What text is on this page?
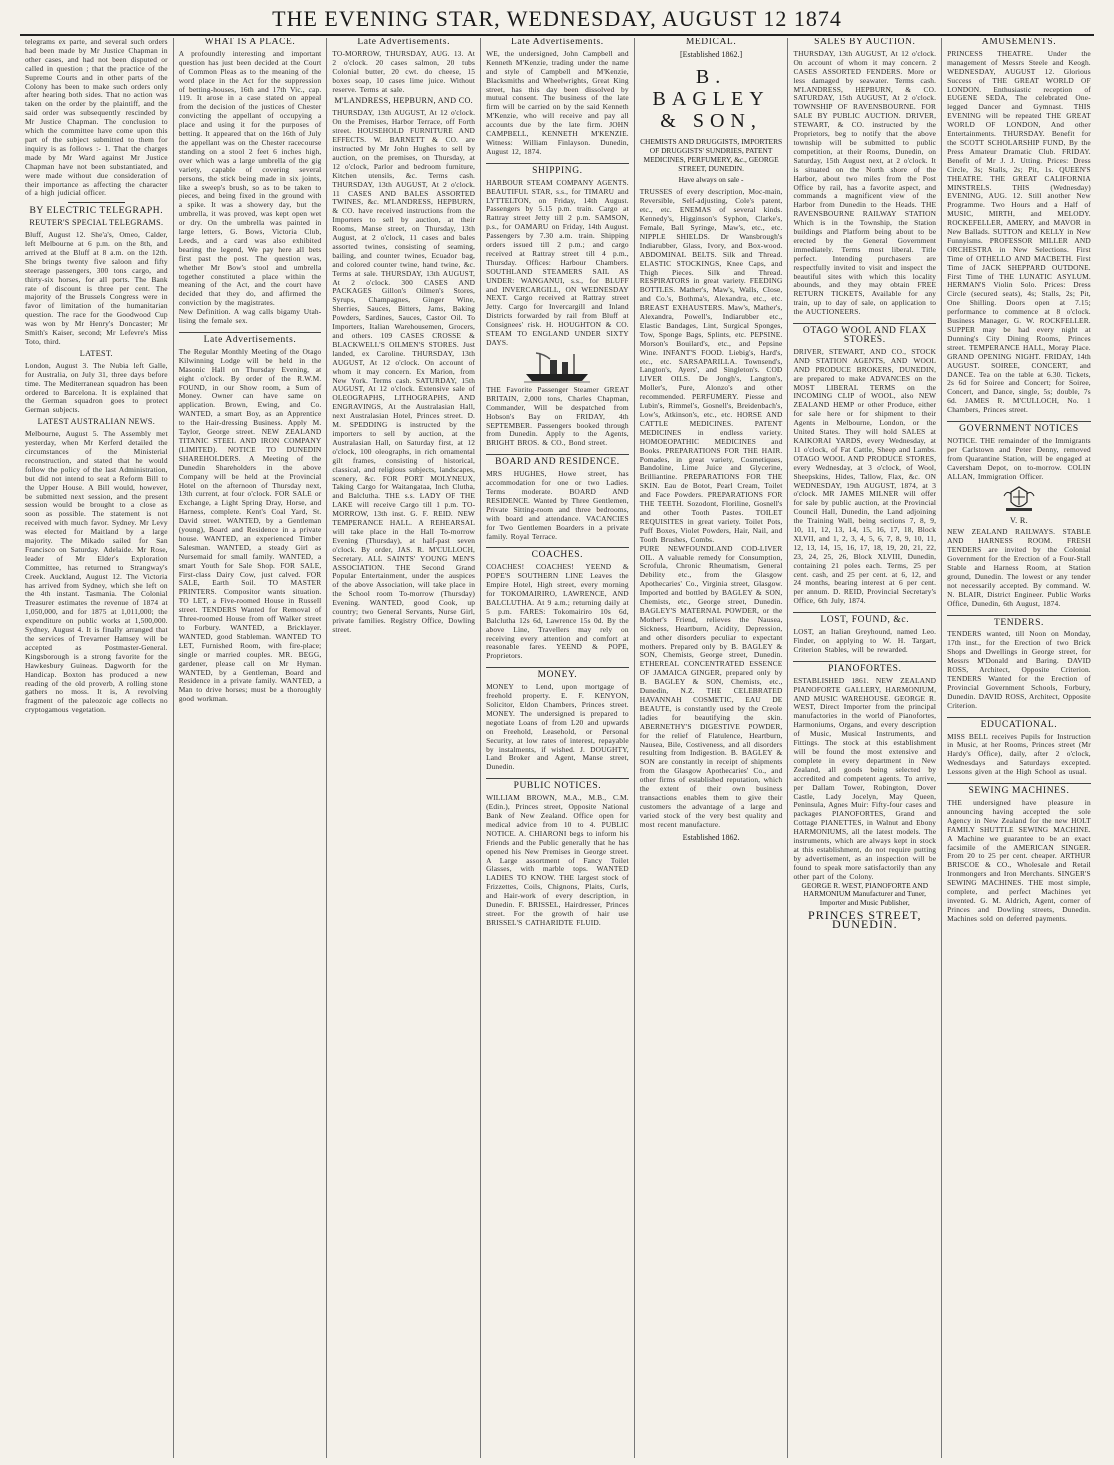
THE EVENING STAR, WEDNESDAY, AUGUST 12 1874

telegrams ex parte, and several such orders had been made by Mr Justice Chapman in other cases, and had not been disputed or called in question ; that the practice of the Supreme Courts and in other parts of the Colony has been to make such orders only after hearing both sides. That no action was taken on the order by the plaintiff, and the said order was subsequently rescinded by Mr Justice Chapman. The conclusion to which the committee have come upon this part of the subject submitted to them for inquiry is as follows :- 1. That the charges made by Mr Ward against Mr Justice Chapman have not been substantiated, and were made without due consideration of their importance as affecting the character of a high judicial officer.

BY ELECTRIC TELEGRAPH.
REUTER'S SPECIAL TELEGRAMS.

Bluff, August 12. She'a's, Omeo, Calder, left Melbourne at 6 p.m. on the 8th, and arrived at the Bluff at 8 a.m. on the 12th. She brings twenty five saloon and fifty steerage passengers, 300 tons cargo, and thirty-six horses, for all ports. The Bank rate of discount is three per cent. The majority of the Brussels Congress were in favor of limitation of the humanitarian question. The race for the Goodwood Cup was won by Mr Henry's Doncaster; Mr Smith's Kaiser, second; Mr Lefevre's Miss Toto, third.

LATEST.

London, August 3. The Nubia left Galle, for Australia, on July 31, three days before time. The Mediterranean squadron has been ordered to Barcelona. It is explained that the German squadron goes to protect German subjects.

LATEST AUSTRALIAN NEWS.

Melbourne, August 5. The Assembly met yesterday, when Mr Kerferd detailed the circumstances of the Ministerial reconstruction, and stated that he would follow the policy of the last Administration, but did not intend to seat a Reform Bill to the Upper House. A Bill would, however, be submitted next session, and the present session would be brought to a close as soon as possible. The statement is not received with much favor. Sydney. Mr Levy was elected for Maitland by a large majority. The Mikado sailed for San Francisco on Saturday. Adelaide. Mr Rose, leader of Mr Elder's Exploration Committee, has returned to Strangway's Creek. Auckland, August 12. The Victoria has arrived from Sydney, which she left on the 4th instant. Tasmania. The Colonial Treasurer estimates the revenue of 1874 at 1,050,000, and for 1875 at 1,011,000; the expenditure on public works at 1,500,000. Sydney, August 4. It is finally arranged that the services of Trevarner Hamsey will be accepted as Postmaster-General. Kingsborough is a strong favorite for the Hawkesbury Guineas. Dagworth for the Handicap. Boxton has produced a new reading of the old proverb, A rolling stone gathers no moss. It is, A revolving fragment of the paleozoic age collects no cryptogamous vegetation.

WHAT IS A PLACE.

A profoundly interesting and important question has just been decided at the Court of Common Pleas as to the meaning of the word place in the Act for the suppression of betting-houses, 16th and 17th Vic., cap. 119. It arose in a case stated on appeal from the decision of the justices of Chester convicting the appellant of occupying a place and using it for the purposes of betting. It appeared that on the 16th of July the appellant was on the Chester racecourse standing on a stool 2 feet 6 inches high, over which was a large umbrella of the gig variety, capable of covering several persons, the stick being made in six joints, like a sweep's brush, so as to be taken to pieces, and being fixed in the ground with a spike. It was a showery day, but the umbrella, it was proved, was kept open wet or dry. On the umbrella was painted in large letters, G. Bows, Victoria Club, Leeds, and a card was also exhibited bearing the legend, We pay here all bets first past the post. The question was, whether Mr Bow's stool and umbrella together constituted a place within the meaning of the Act, and the court have decided that they do, and affirmed the conviction by the magistrates.

New Definition. A wag calls bigamy Utah-lising the female sex.

Late Advertisements.

The Regular Monthly Meeting of the Otago Kilwinning Lodge will be held in the Masonic Hall on Thursday Evening, at eight o'clock. By order of the R.W.M. FOUND, in our Show room, a Sum of Money. Owner can have same on application. Brown, Ewing, and Co. WANTED, a smart Boy, as an Apprentice to the Hair-dressing Business. Apply M. Taylor, George street. NEW ZEALAND TITANIC STEEL AND IRON COMPANY (LIMITED). NOTICE TO DUNEDIN SHAREHOLDERS. A Meeting of the Dunedin Shareholders in the above Company will be held at the Provincial Hotel on the afternoon of Thursday next, 13th current, at four o'clock. FOR SALE or Exchange, a Light Spring Dray, Horse, and Harness, complete. Kent's Coal Yard, St. David street. WANTED, by a Gentleman (young), Board and Residence in a private house. WANTED, an experienced Timber Salesman. WANTED, a steady Girl as Nursemaid for small family. WANTED, a smart Youth for Sale Shop. FOR SALE, First-class Dairy Cow, just calved. FOR SALE, Earth Soil. TO MASTER PRINTERS. Compositor wants situation. TO LET, a Five-roomed House in Russell street. TENDERS Wanted for Removal of Three-roomed House from off Walker street to Forbury. WANTED, a Bricklayer. WANTED, good Stableman. WANTED TO LET, Furnished Room, with fire-place; single or married couples. MR. BEGG, gardener, please call on Mr Hyman. WANTED, by a Gentleman, Board and Residence in a private family. WANTED, a Man to drive horses; must be a thoroughly good workman.

Late Advertisements.

TO-MORROW, THURSDAY, AUG. 13. At 2 o'clock. 20 cases salmon, 20 tubs Colonial butter, 20 cwt. do cheese, 15 boxes soap, 10 cases lime juice. Without reserve. Terms at sale.

M'LANDRESS, HEPBURN, AND CO.

THURSDAY, 13th AUGUST, At 12 o'clock. On the Premises, Harbor Terrace, off Forth street. HOUSEHOLD FURNITURE AND EFFECTS. W. BARNETT & CO. are instructed by Mr John Hughes to sell by auction, on the premises, on Thursday, at 12 o'clock, Parlor and bedroom furniture, Kitchen utensils, &c. Terms cash. THURSDAY, 13th AUGUST, At 2 o'clock. 11 CASES AND BALES ASSORTED TWINES, &c. M'LANDRESS, HEPBURN, & CO. have received instructions from the Importers to sell by auction, at their Rooms, Manse street, on Thursday, 13th August, at 2 o'clock, 11 cases and bales assorted twines, consisting of seaming, bailing, and counter twines, Ecuador bag, and colored counter twine, hand twine, &c. Terms at sale. THURSDAY, 13th AUGUST, At 2 o'clock. 300 CASES AND PACKAGES Gillon's Oilmen's Stores, Syrups, Champagnes, Ginger Wine, Sherries, Sauces, Bitters, Jams, Baking Powders, Sardines, Sauces, Castor Oil. To Importers, Italian Warehousemen, Grocers, and others. 109 CASES CROSSE & BLACKWELL'S OILMEN'S STORES. Just landed, ex Caroline. THURSDAY, 13th AUGUST, At 12 o'clock. On account of whom it may concern. Ex Marion, from New York. Terms cash. SATURDAY, 15th AUGUST, At 12 o'clock. Extensive sale of OLEOGRAPHS, LITHOGRAPHS, AND ENGRAVINGS, At the Australasian Hall, next Australasian Hotel, Princes street. D. M. SPEDDING is instructed by the importers to sell by auction, at the Australasian Hall, on Saturday first, at 12 o'clock, 100 oleographs, in rich ornamental gilt frames, consisting of historical, classical, and religious subjects, landscapes, scenery, &c. FOR PORT MOLYNEUX, Taking Cargo for Waitangataa, Inch Clutha, and Balclutha. THE s.s. LADY OF THE LAKE will receive Cargo till 1 p.m. TO-MORROW, 13th inst. G. F. REID. NEW TEMPERANCE HALL. A REHEARSAL will take place in the Hall To-morrow Evening (Thursday), at half-past seven o'clock. By order, JAS. R. M'CULLOCH, Secretary. ALL SAINTS' YOUNG MEN'S ASSOCIATION. THE Second Grand Popular Entertainment, under the auspices of the above Association, will take place in the School room To-morrow (Thursday) Evening. WANTED, good Cook, up country; two General Servants, Nurse Girl, private families. Registry Office, Dowling street.

Late Advertisements.

WE, the undersigned, John Campbell and Kenneth M'Kenzie, trading under the name and style of Campbell and M'Kenzie, Blacksmiths and Wheelwrights, Great King street, has this day been dissolved by mutual consent. The business of the late firm will be carried on by the said Kenneth M'Kenzie, who will receive and pay all accounts due by the late firm. JOHN CAMPBELL, KENNETH M'KENZIE. Witness: William Finlayson. Dunedin, August 12, 1874.

SHIPPING.

HARBOUR STEAM COMPANY AGENTS. BEAUTIFUL STAR, s.s., for TIMARU and LYTTELTON, on Friday, 14th August. Passengers by 5.15 p.m. train. Cargo at Rattray street Jetty till 2 p.m. SAMSON, p.s., for OAMARU on Friday, 14th August. Passengers by 7.30 a.m. train. Shipping orders issued till 2 p.m.; and cargo received at Rattray street till 4 p.m., Thursday. Offices: Harbour Chambers. SOUTHLAND STEAMERS SAIL AS UNDER: WANGANUI, s.s., for BLUFF and INVERCARGILL, ON WEDNESDAY NEXT. Cargo received at Rattray street Jetty. Cargo for Invercargill and Inland Districts forwarded by rail from Bluff at Consignees' risk. H. HOUGHTON & CO. STEAM TO ENGLAND UNDER SIXTY DAYS.

THE Favorite Passenger Steamer GREAT BRITAIN, 2,000 tons, Charles Chapman, Commander, Will be despatched from Hobson's Bay on FRIDAY, 4th SEPTEMBER. Passengers booked through from Dunedin. Apply to the Agents, BRIGHT BROS. & CO., Bond street.

BOARD AND RESIDENCE.

MRS HUGHES, Howe street, has accommodation for one or two Ladies. Terms moderate. BOARD AND RESIDENCE. Wanted by Three Gentlemen, Private Sitting-room and three bedrooms, with board and attendance. VACANCIES for Two Gentlemen Boarders in a private family. Royal Terrace.

COACHES.

COACHES! COACHES! YEEND & POPE'S SOUTHERN LINE Leaves the Empire Hotel, High street, every morning for TOKOMAIRIRO, LAWRENCE, AND BALCLUTHA. At 9 a.m.; returning daily at 5 p.m. FARES: Tokomairiro 10s 6d, Balclutha 12s 6d, Lawrence 15s 0d. By the above Line, Travellers may rely on receiving every attention and comfort at reasonable fares. YEEND & POPE, Proprietors.

MONEY.

MONEY to Lend, upon mortgage of freehold property. E. F. KENYON, Solicitor, Eldon Chambers, Princes street. MONEY. The undersigned is prepared to negotiate Loans of from L20 and upwards on Freehold, Leasehold, or Personal Security, at low rates of interest, repayable by instalments, if wished. J. DOUGHTY, Land Broker and Agent, Manse street, Dunedin.

PUBLIC NOTICES.

WILLIAM BROWN, M.A., M.B., C.M. (Edin.), Princes street, Opposite National Bank of New Zealand. Office open for medical advice from 10 to 4. PUBLIC NOTICE. A. CHIARONI begs to inform his Friends and the Public generally that he has opened his New Premises in George street. A Large assortment of Fancy Toilet Glasses, with marble tops. WANTED LADIES TO KNOW. THE largest stock of Frizzettes, Coils, Chignons, Plaits, Curls, and Hair-work of every description, in Dunedin. F. BRISSEL, Hairdresser, Princes street. For the growth of hair use BRISSEL'S CATHARIDTE FLUID.

MEDICAL.
[Established 1862.]
B. BAGLEY & SON,

CHEMISTS AND DRUGGISTS, IMPORTERS OF DRUGGISTS' SUNDRIES, PATENT MEDICINES, PERFUMERY, &c., GEORGE STREET, DUNEDIN.

Have always on sale -

TRUSSES of every description, Moc-main, Reversible, Self-adjusting, Cole's patent, etc., etc. ENEMAS of several kinds. Kennedy's, Higginson's Syphon, Clarke's, Female, Ball Syringe, Maw's, etc., etc. NIPPLE SHIELDS. Dr Wansbrough's Indiarubber, Glass, Ivory, and Box-wood. ABDOMINAL BELTS. Silk and Thread. ELASTIC STOCKINGS, Knee Caps, and Thigh Pieces. Silk and Thread. RESPIRATORS in great variety. FEEDING BOTTLES. Mather's, Maw's, Walls, Close, and Co.'s, Bothma's, Alexandra, etc., etc. BREAST EXHAUSTERS. Maw's, Mather's, Alexandra, Powell's, Indiarubber etc., Elastic Bandages, Lint, Surgical Sponges, Tow, Sponge Bags, Splints, etc. PEPSINE. Morson's Bouilard's, etc., and Pepsine Wine. INFANT'S FOOD. Liebig's, Hard's, etc., etc. SARSAPARILLA. Townsend's, Langton's, Ayers', and Singleton's. COD LIVER OILS. De Jongh's, Langton's, Moller's, Pure, Alonzo's and other recommended. PERFUMERY. Piesse and Lubin's, Rimmel's, Gosnell's, Breidenbach's, Low's, Atkinson's, etc., etc. HORSE AND CATTLE MEDICINES. PATENT MEDICINES in endless variety. HOMOEOPATHIC MEDICINES and Books. PREPARATIONS FOR THE HAIR. Pomades, in great variety, Cosmetiques, Bandoline, Lime Juice and Glycerine, Brilliantine. PREPARATIONS FOR THE SKIN. Eau de Botot, Pearl Cream, Toilet and Face Powders. PREPARATIONS FOR THE TEETH. Sozodont, Floriline, Gosnell's and other Tooth Pastes. TOILET REQUISITES in great variety. Toilet Pots, Puff Boxes, Violet Powders, Hair, Nail, and Tooth Brushes, Combs.

PURE NEWFOUNDLAND COD-LIVER OIL. A valuable remedy for Consumption, Scrofula, Chronic Rheumatism, General Debility etc., from the Glasgow Apothecaries' Co., Virginia street, Glasgow. Imported and bottled by BAGLEY & SON, Chemists, etc., George street, Dunedin. BAGLEY'S MATERNAL POWDER, or the Mother's Friend, relieves the Nausea, Sickness, Heartburn, Acidity, Depression, and other disorders peculiar to expectant mothers. Prepared only by B. BAGLEY & SON, Chemists, George street, Dunedin. ETHEREAL CONCENTRATED ESSENCE OF JAMAICA GINGER, prepared only by B. BAGLEY & SON, Chemists, etc., Dunedin, N.Z. THE CELEBRATED HAVANNAH COSMETIC, EAU DE BEAUTE, is constantly used by the Creole ladies for beautifying the skin. ABERNETHY'S DIGESTIVE POWDER, for the relief of Flatulence, Heartburn, Nausea, Bile, Costiveness, and all disorders resulting from Indigestion. B. BAGLEY & SON are constantly in receipt of shipments from the Glasgow Apothecaries' Co., and other firms of established reputation, which the extent of their own business transactions enables them to give their customers the advantage of a large and varied stock of the very best quality and most recent manufacture.

Established 1862.
SALES BY AUCTION.

THURSDAY, 13th AUGUST, At 12 o'clock. On account of whom it may concern. 2 CASES ASSORTED FENDERS. More or less damaged by seawater. Terms cash. M'LANDRESS, HEPBURN, & CO. SATURDAY, 15th AUGUST, At 2 o'clock. TOWNSHIP OF RAVENSBOURNE. FOR SALE BY PUBLIC AUCTION. DRIVER, STEWART, & CO. instructed by the Proprietors, beg to notify that the above township will be submitted to public competition, at their Rooms, Dunedin, on Saturday, 15th August next, at 2 o'clock. It is situated on the North shore of the Harbor, about two miles from the Post Office by rail, has a favorite aspect, and commands a magnificent view of the Harbor from Dunedin to the Heads. THE RAVENSBOURNE RAILWAY STATION Which is in the Township, the Station buildings and Platform being about to be erected by the General Government immediately. Terms most liberal. Title perfect. Intending purchasers are respectfully invited to visit and inspect the beautiful sites with which this locality abounds, and they may obtain FREE RETURN TICKETS, Available for any train, up to day of sale, on application to the AUCTIONEERS.

OTAGO WOOL AND FLAX STORES.

DRIVER, STEWART, AND CO., STOCK AND STATION AGENTS, AND WOOL AND PRODUCE BROKERS, DUNEDIN, are prepared to make ADVANCES on the MOST LIBERAL TERMS on the INCOMING CLIP of WOOL, also NEW ZEALAND HEMP or other Produce, either for sale here or for shipment to their Agents in Melbourne, London, or the United States. They will hold SALES at KAIKORAI YARDS, every Wednesday, at 11 o'clock, of Fat Cattle, Sheep and Lambs. OTAGO WOOL AND PRODUCE STORES, every Wednesday, at 3 o'clock, of Wool, Sheepskins, Hides, Tallow, Flax, &c. ON WEDNESDAY, 19th AUGUST, 1874, at 3 o'clock. MR JAMES MILNER will offer for sale by public auction, at the Provincial Council Hall, Dunedin, the Land adjoining the Training Wall, being sections 7, 8, 9, 10, 11, 12, 13, 14, 15, 16, 17, 18, Block XLVII, and 1, 2, 3, 4, 5, 6, 7, 8, 9, 10, 11, 12, 13, 14, 15, 16, 17, 18, 19, 20, 21, 22, 23, 24, 25, 26, Block XLVIII, Dunedin, containing 21 poles each. Terms, 25 per cent. cash, and 25 per cent. at 6, 12, and 24 months, bearing interest at 6 per cent. per annum. D. REID, Provincial Secretary's Office, 6th July, 1874.

LOST, FOUND, &c.

LOST, an Italian Greyhound, named Leo. Finder, on applying to W. H. Targart, Criterion Stables, will be rewarded.

PIANOFORTES.

ESTABLISHED 1861. NEW ZEALAND PIANOFORTE GALLERY, HARMONIUM, AND MUSIC WAREHOUSE. GEORGE R. WEST, Direct Importer from the principal manufactories in the world of Pianofortes, Harmoniums, Organs, and every description of Music, Musical Instruments, and Fittings. The stock at this establishment will be found the most extensive and complete in every department in New Zealand, all goods being selected by accredited and competent agents. To arrive, per Dallam Tower, Robington, Dover Castle, Lady Jocelyn, May Queen, Peninsula, Agnes Muir: Fifty-four cases and packages PIANOFORTES, Grand and Cottage PIANETTES, in Walnut and Ebony HARMONIUMS, all the latest models. The instruments, which are always kept in stock at this establishment, do not require putting by advertisement, as an inspection will be found to speak more satisfactorily than any other part of the Colony.

GEORGE R. WEST, PIANOFORTE AND HARMONIUM Manufacturer and Tuner, Importer and Music Publisher,

PRINCES STREET, DUNEDIN.
AMUSEMENTS.

PRINCESS THEATRE. Under the management of Messrs Steele and Keogh. WEDNESDAY, AUGUST 12. Glorious Success of THE GREAT WORLD OF LONDON. Enthusiastic reception of EUGENE SEDA, The celebrated One-legged Dancer and Gymnast. THIS EVENING will be repeated THE GREAT WORLD OF LONDON, And other Entertainments. THURSDAY. Benefit for the SCOTT SCHOLARSHIP FUND, By the Press Amateur Dramatic Club. FRIDAY. Benefit of Mr J. J. Utting. Prices: Dress Circle, 3s; Stalls, 2s; Pit, 1s. QUEEN'S THEATRE. THE GREAT CALIFORNIA MINSTRELS. THIS (Wednesday) EVENING, AUG. 12. Still another New Programme. Two Hours and a Half of MUSIC, MIRTH, and MELODY. ROCKEFELLER, AMERY, and MAVOR in New Ballads. SUTTON and KELLY in New Funnyisms. PROFESSOR MILLER AND ORCHESTRA in New Selections. First Time of OTHELLO AND MACBETH. First Time of JACK SHEPPARD OUTDONE. First Time of THE LUNATIC ASYLUM. HERMAN'S Violin Solo. Prices: Dress Circle (secured seats), 4s; Stalls, 2s; Pit, One Shilling. Doors open at 7.15; performance to commence at 8 o'clock. Business Manager, G. W. ROCKFELLER. SUPPER may be had every night at Dunning's City Dining Rooms, Princes street. TEMPERANCE HALL, Moray Place. GRAND OPENING NIGHT. FRIDAY, 14th AUGUST. SOIREE, CONCERT, and DANCE. Tea on the table at 6.30. Tickets, 2s 6d for Soiree and Concert; for Soiree, Concert, and Dance, single, 5s; double, 7s 6d. JAMES R. M'CULLOCH, No. 1 Chambers, Princes street.

GOVERNMENT NOTICES

NOTICE. THE remainder of the Immigrants per Carlstown and Peter Denny, removed from Quarantine Station, will be engaged at Caversham Depot, on to-morrow. COLIN ALLAN, Immigration Officer.

V. R.

NEW ZEALAND RAILWAYS. STABLE AND HARNESS ROOM. FRESH TENDERS are invited by the Colonial Government for the Erection of a Four-Stall Stable and Harness Room, at Station ground, Dunedin. The lowest or any tender not necessarily accepted. By command. W. N. BLAIR, District Engineer. Public Works Office, Dunedin, 6th August, 1874.

TENDERS.

TENDERS wanted, till Noon on Monday, 17th inst., for the Erection of two Brick Shops and Dwellings in George street, for Messrs M'Donald and Baring. DAVID ROSS, Architect, Opposite Criterion. TENDERS Wanted for the Erection of Provincial Government Schools, Forbury, Dunedin. DAVID ROSS, Architect, Opposite Criterion.

EDUCATIONAL.

MISS BELL receives Pupils for Instruction in Music, at her Rooms, Princes street (Mr Hardy's Office), daily, after 2 o'clock, Wednesdays and Saturdays excepted. Lessons given at the High School as usual.

SEWING MACHINES.

THE undersigned have pleasure in announcing having accepted the sole Agency in New Zealand for the new HOLT FAMILY SHUTTLE SEWING MACHINE. A Machine we guarantee to be an exact facsimile of the AMERICAN SINGER. From 20 to 25 per cent. cheaper. ARTHUR BRISCOE & CO., Wholesale and Retail Ironmongers and Iron Merchants. SINGER'S SEWING MACHINES. THE most simple, complete, and perfect Machines yet invented. G. M. Aldrich, Agent, corner of Princes and Dowling streets, Dunedin. Machines sold on deferred payments.
